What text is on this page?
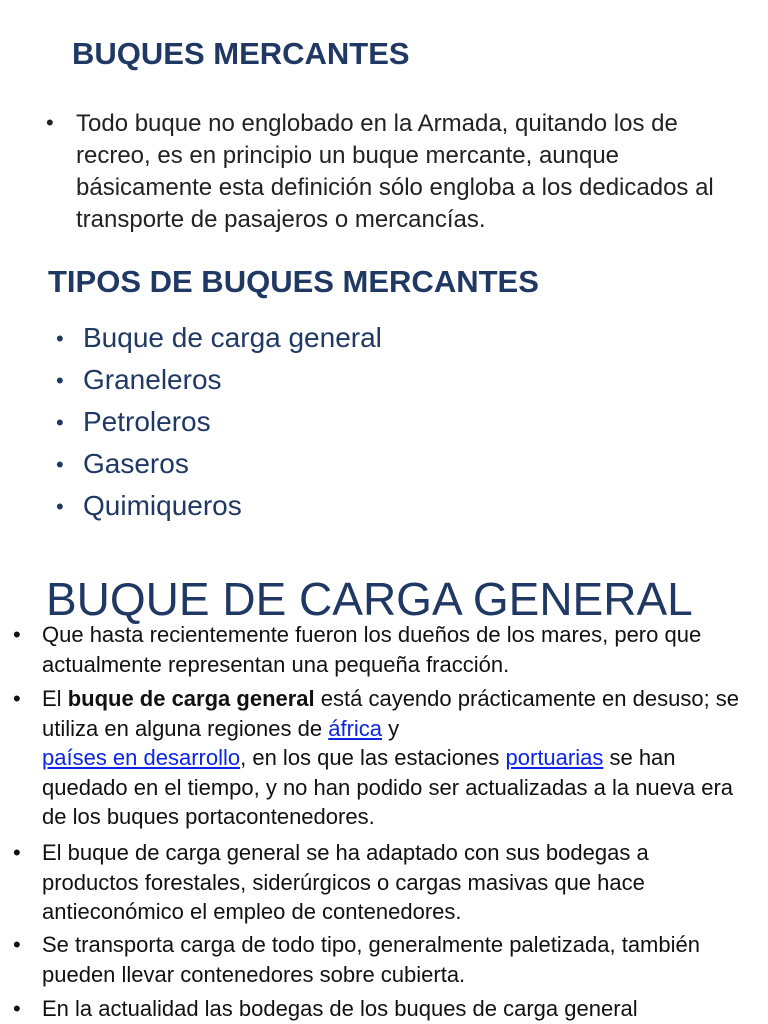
BUQUES MERCANTES
• Todo buque no englobado en la Armada, quitando los de recreo, es en principio un buque mercante, aunque básicamente esta definición sólo engloba a los dedicados al transporte de pasajeros o mercancías.
TIPOS DE BUQUES MERCANTES
• Buque de carga general
• Graneleros
• Petroleros
• Gaseros
• Quimiqueros
BUQUE DE CARGA GENERAL
• Que hasta recientemente fueron los dueños de los mares, pero que actualmente representan una pequeña fracción.
• El buque de carga general está cayendo prácticamente en desuso; se utiliza en alguna regiones de áfrica y
países en desarrollo, en los que las estaciones portuarias se han quedado en el tiempo, y no han podido ser actualizadas a la nueva era de los buques portacontenedores.
• El buque de carga general se ha adaptado con sus bodegas a productos forestales, siderúrgicos o cargas masivas que hace antieconómico el empleo de contenedores.
• Se transporta carga de todo tipo, generalmente paletizada, también pueden llevar contenedores sobre cubierta.
• En la actualidad las bodegas de los buques de carga general
